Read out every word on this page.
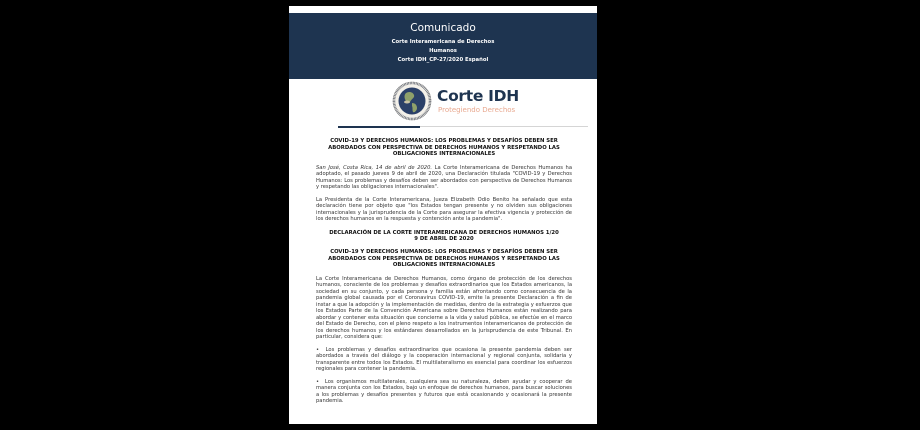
Comunicado
Corte Interamericana de Derechos
Humanos
Corte IDH_CP-27/2020 Español
Corte IDH
Protegiendo Derechos
COVID-19 Y DERECHOS HUMANOS: LOS PROBLEMAS Y DESAFÍOS DEBEN SER ABORDADOS CON PERSPECTIVA DE DERECHOS HUMANOS Y RESPETANDO LAS OBLIGACIONES INTERNACIONALES
San José, Costa Rica, 14 de abril de 2020. La Corte Interamericana de Derechos Humanos ha adoptado, el pasado jueves 9 de abril de 2020, una Declaración titulada "COVID-19 y Derechos Humanos: Los problemas y desafíos deben ser abordados con perspectiva de Derechos Humanos y respetando las obligaciones internacionales".
La Presidenta de la Corte Interamericana, Jueza Elizabeth Odio Benito ha señalado que esta declaración tiene por objeto que "los Estados tengan presente y no olviden sus obligaciones internacionales y la jurisprudencia de la Corte para asegurar la efectiva vigencia y protección de los derechos humanos en la respuesta y contención ante la pandemia".
DECLARACIÓN DE LA CORTE INTERAMERICANA DE DERECHOS HUMANOS 1/20
9 DE ABRIL DE 2020
COVID-19 Y DERECHOS HUMANOS: LOS PROBLEMAS Y DESAFÍOS DEBEN SER ABORDADOS CON PERSPECTIVA DE DERECHOS HUMANOS Y RESPETANDO LAS OBLIGACIONES INTERNACIONALES
La Corte Interamericana de Derechos Humanos, como órgano de protección de los derechos humanos, consciente de los problemas y desafíos extraordinarios que los Estados americanos, la sociedad en su conjunto, y cada persona y familia están afrontando como consecuencia de la pandemia global causada por el Coronavirus COVID-19, emite la presente Declaración a fin de instar a que la adopción y la implementación de medidas, dentro de la estrategia y esfuerzos que los Estados Parte de la Convención Americana sobre Derechos Humanos están realizando para abordar y contener esta situación que concierne a la vida y salud pública, se efectúe en el marco del Estado de Derecho, con el pleno respeto a los instrumentos interamericanos de protección de los derechos humanos y los estándares desarrollados en la jurisprudencia de este Tribunal. En particular, considera que:
• Los problemas y desafíos extraordinarios que ocasiona la presente pandemia deben ser abordados a través del diálogo y la cooperación internacional y regional conjunta, solidaria y transparente entre todos los Estados. El multilateralismo es esencial para coordinar los esfuerzos regionales para contener la pandemia.
• Los organismos multilaterales, cualquiera sea su naturaleza, deben ayudar y cooperar de manera conjunta con los Estados, bajo un enfoque de derechos humanos, para buscar soluciones a los problemas y desafíos presentes y futuros que está ocasionando y ocasionará la presente pandemia.
